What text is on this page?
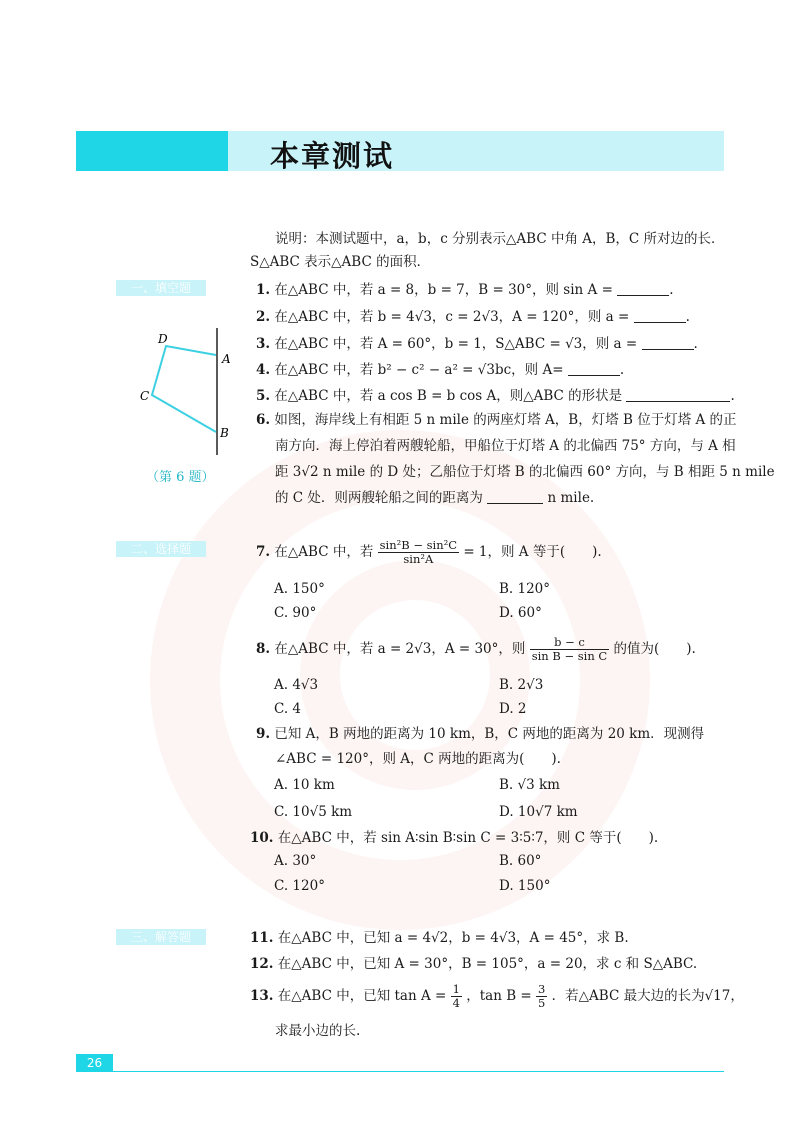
本章测试
说明：本测试题中，a，b，c 分别表示△ABC 中角 A，B，C 所对边的长．
S△ABC 表示△ABC 的面积．
一、填空题
二、选择题
三、解答题
D
A
C
B
（第 6 题）
1. 在△ABC 中，若 a = 8，b = 7，B = 30°，则 sin A =	.
2. 在△ABC 中，若 b = 4√3，c = 2√3，A = 120°，则 a =	.
3. 在△ABC 中，若 A = 60°，b = 1，S△ABC = √3，则 a =	.
4. 在△ABC 中，若 b² − c² − a² = √3bc，则 A=	.
5. 在△ABC 中，若 a cos B = b cos A，则△ABC 的形状是	.
6. 如图，海岸线上有相距 5 n mile 的两座灯塔 A，B，灯塔 B 位于灯塔 A 的正
南方向．海上停泊着两艘轮船，甲船位于灯塔 A 的北偏西 75° 方向，与 A 相
距 3√2 n mile 的 D 处；乙船位于灯塔 B 的北偏西 60° 方向，与 B 相距 5 n mile
的 C 处．则两艘轮船之间的距离为	n mile.
7. 在△ABC 中，若 $\frac{\text{sin²B − sin²C}}{\text{sin²A}} = 1$，则 A 等于(　　).
A. 150°	B. 120°
C. 90°	D. 60°
8. 在△ABC 中，若 a = 2√3，A = 30°，则 $\frac{b - c}{\text{sin B − sin C}}$ 的值为(　　).
A. 4√3	B. 2√3
C. 4	D. 2
9. 已知 A，B 两地的距离为 10 km，B，C 两地的距离为 20 km．现测得
∠ABC = 120°，则 A，C 两地的距离为(　　).
A. 10 km	B. √3 km
C. 10√5 km	D. 10√7 km
10. 在△ABC 中，若 sin A∶sin B∶sin C = 3∶5∶7，则 C 等于(　　).
A. 30°	B. 60°
C. 120°	D. 150°
11. 在△ABC 中，已知 a = 4√2，b = 4√3，A = 45°，求 B.
12. 在△ABC 中，已知 A = 30°，B = 105°，a = 20，求 c 和 S△ABC.
13. 在△ABC 中，已知 $\tan A = \frac{1}{4}$ ，$\tan B = \frac{3}{5}$ ．若△ABC 最大边的长为√17，
求最小边的长.
26
